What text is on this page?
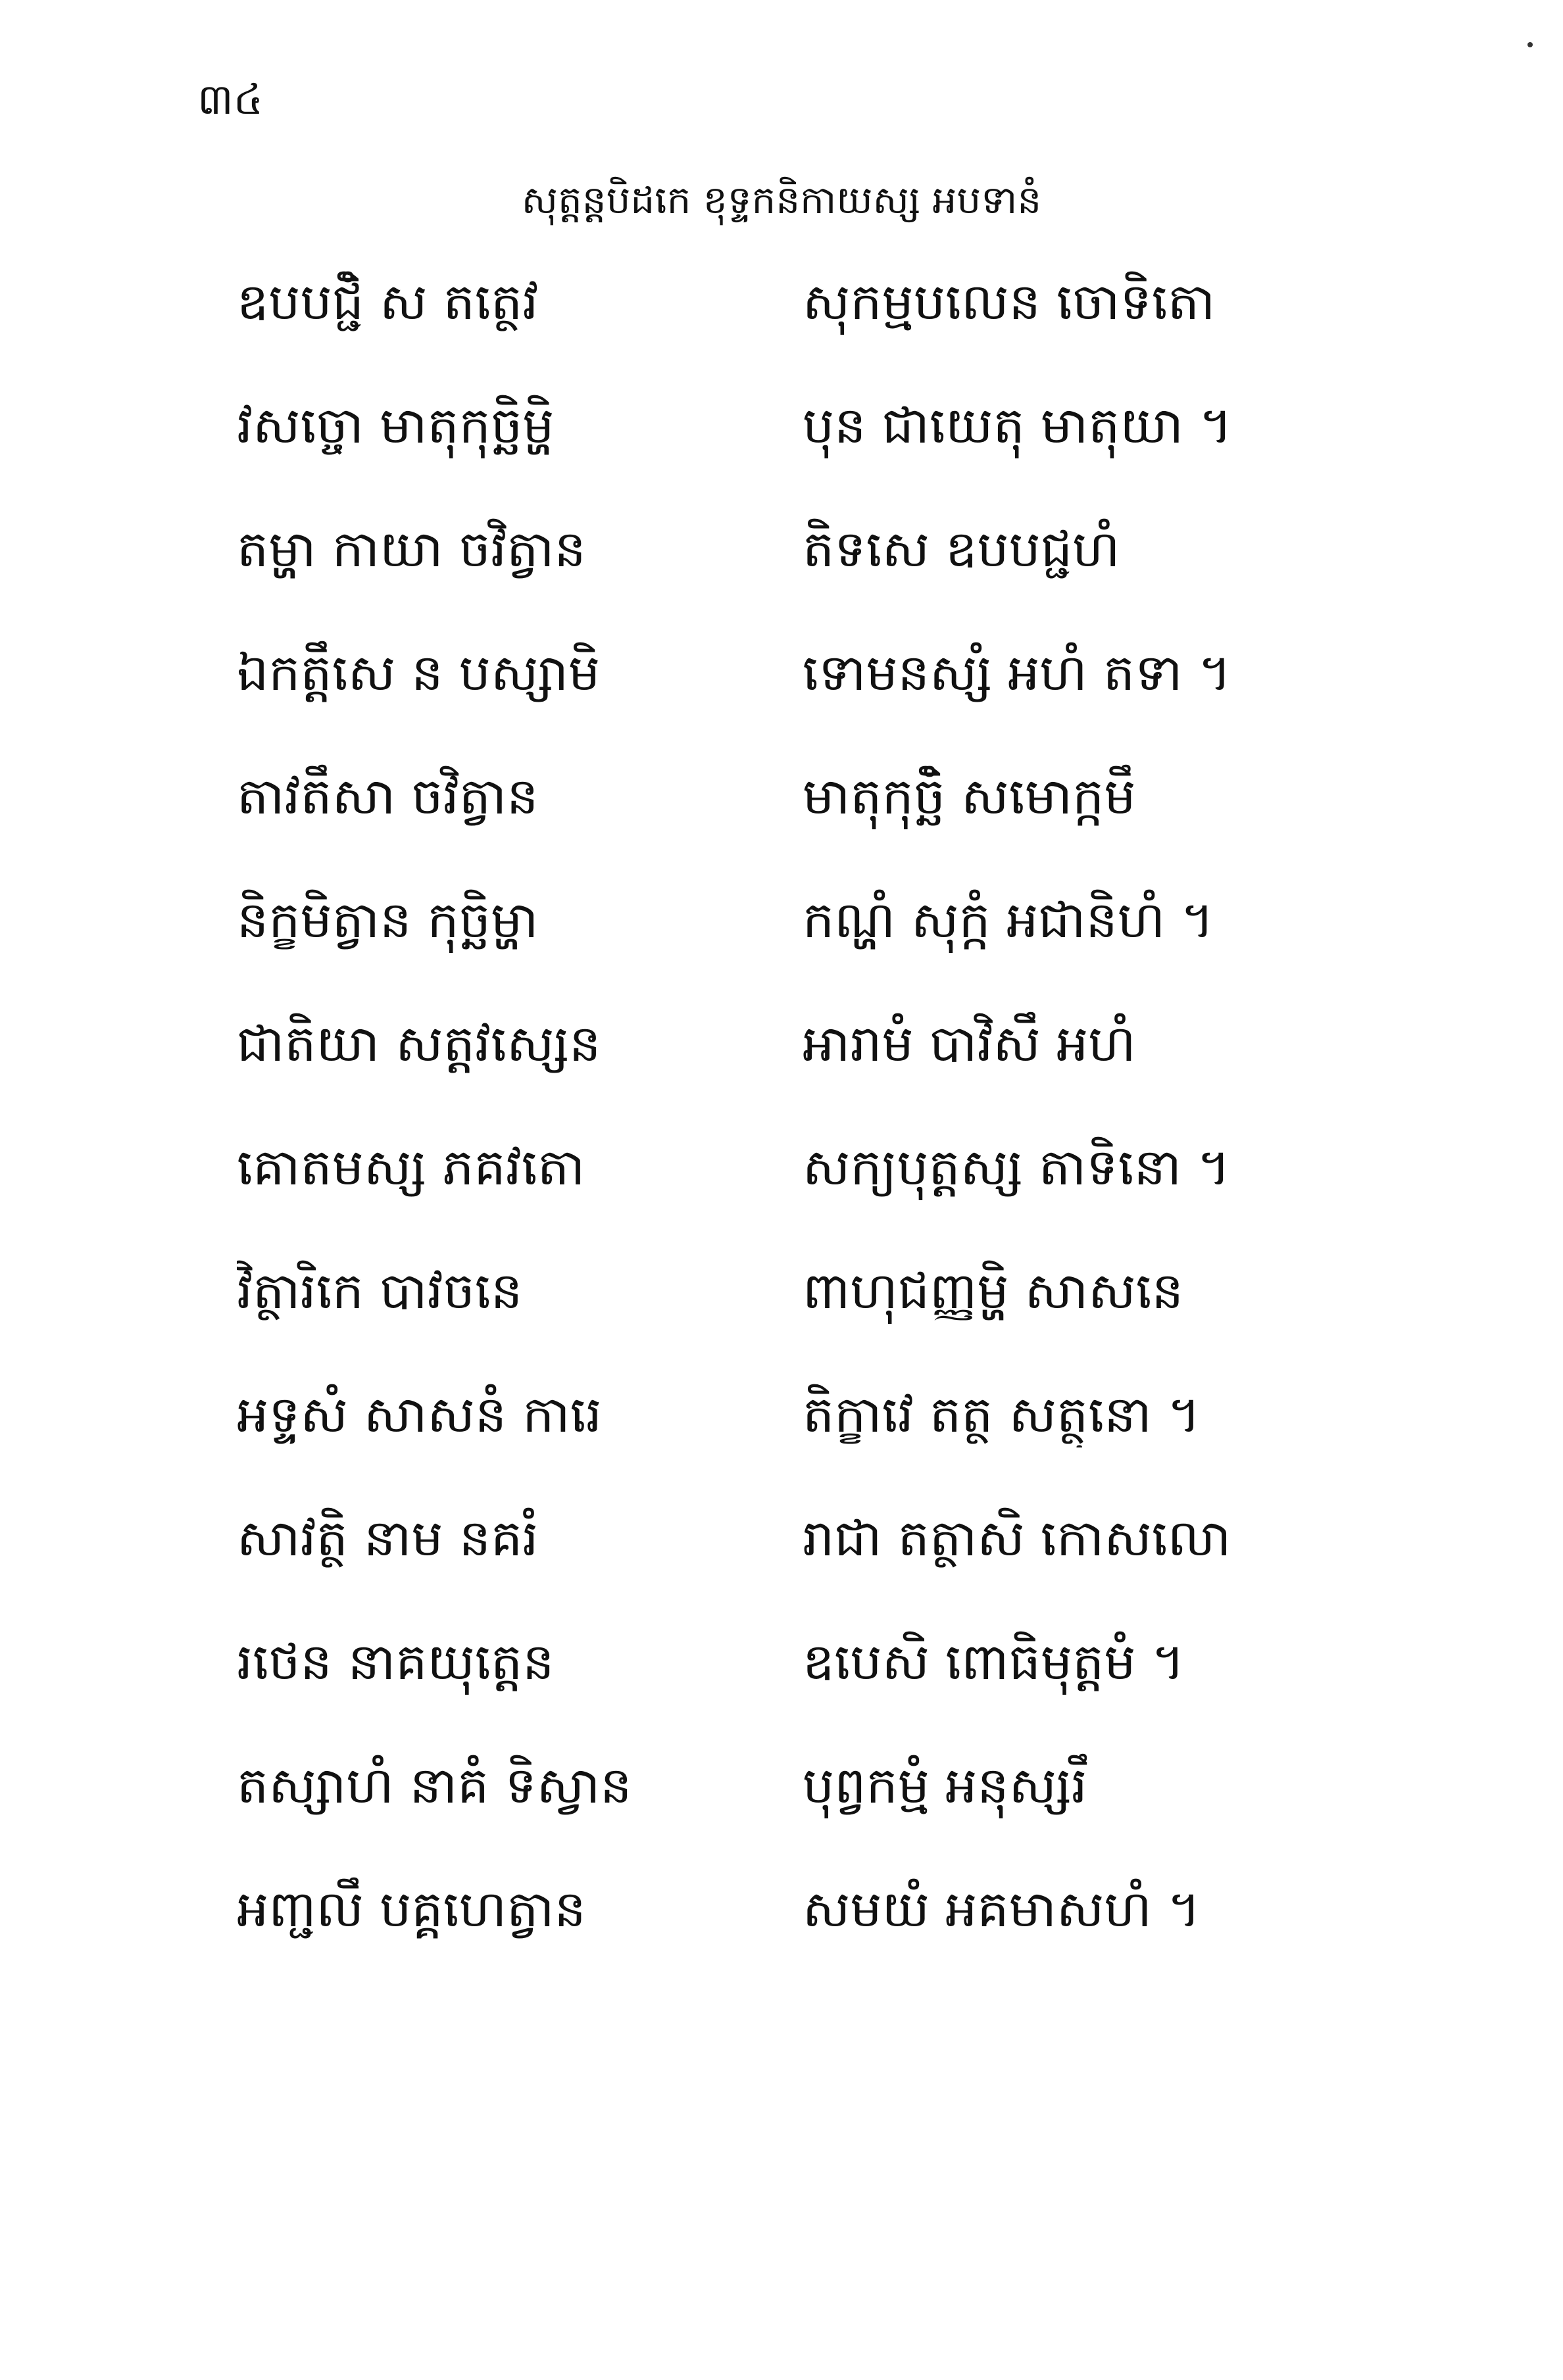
៣៤
សុត្តន្តបិដកេ ខុទ្ទកនិកាយស្ស អបទានំ
ឧបបជ្ជិំ ស តត្ថេវ	សុកម្មបលេន ចោទិតោ
វសច្ចោ មាតុកុច្ឆិម្ហិ	បុន ជាយេតុ មាតុយា ។
តម្ហា កាយា ចវិត្វាន	តិទសេ ឧបបជ្ជហំ
ឯកត្តឹសេ ន បស្សាមិ	ទោមនស្សំ អហំ តទា ។
តាវតឹសា ចវិត្វាន	មាតុកុច្ឆិំ សមោក្កមឹ
និក្ខមិត្វាន កុច្ឆិម្ហា	កណ្ហំ សុក្កំ អជានិហំ ។
ជាតិយា សត្តវស្សេន	អារាមំ បាវិសឹ អហំ
គោតមស្ស ភគវតោ	សក្យបុត្តស្ស តាទិនោ ។
វិត្ថារិកេ បាវចនេ	ពាហុជញ្ញម្ហិ សាសនេ
អទ្ទសំ សាសនំ ការេ	តិក្ខាវេ តត្ថ សត្ថុនោ ។
សាវត្ថិ នាម នគរំ	រាជា តត្ថាសិ កោសលោ
រថេន នាគយុត្តេន	ឧបេសិ ពោធិមុត្តមំ ។
តស្សាហំ នាគំ ទិស្វាន	បុព្វកម្មំ អនុស្សរឹ
អញ្ជលឹ បគ្គហេត្វាន	សមយំ អគមាសហំ ។
